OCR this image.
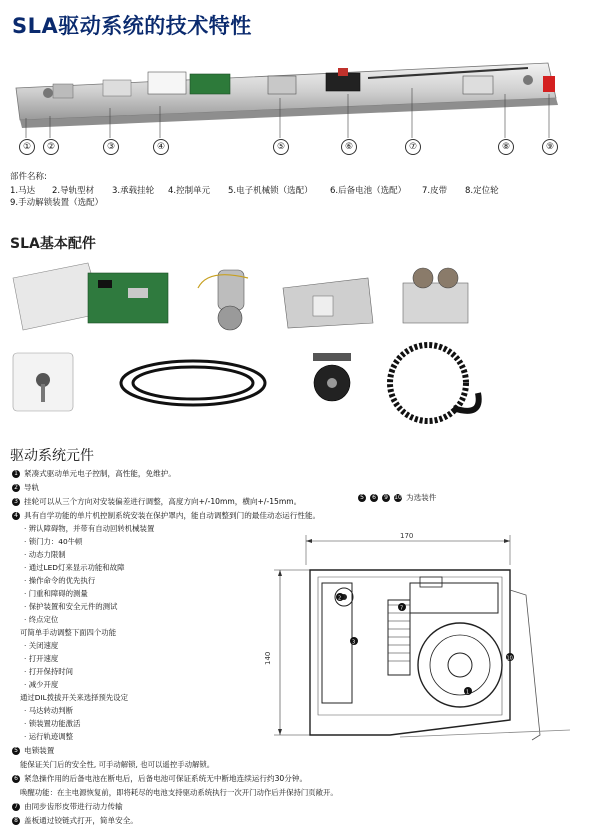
SLA驱动系统的技术特性
①	②	③	④	⑤	⑥	⑦	⑧	⑨
部件名称:
1.马达 2.导轨型材 3.承载挂轮 4.控制单元 5.电子机械锁（选配） 6.后备电池（选配） 7.皮带 8.定位轮
9.手动解锁装置（选配）
SLA基本配件
驱动系统元件
1 紧凑式驱动单元电子控制，高性能，免维护。
2 导轨
3 挂轮可以从三个方向对安装偏差进行调整，高度方向+/-10mm，横向+/-15mm。	5 6 9 10 为选装件
4 具有自学功能的单片机控制系统安装在保护罩内，能自动调整到门的最佳动态运行性能。
· 辨认障碍物，并带有自动回转机械装置
· 锁门力：40牛顿
· 动态力限制
· 通过LED灯来显示功能和故障
· 操作命令的优先执行
· 门重和障碍的测量
· 保护装置和安全元件的测试
· 终点定位
可简单手动调整下面四个功能
· 关闭速度
· 打开速度
· 打开保持时间
· 减少开度
通过DIL拨拔开关来选择预先设定
· 马达转动判断
· 锁装置功能激活
· 运行轨迹调整
5 电锁装置
能保证关门后的安全性, 可手动解锁, 也可以遥控手动解锁。
6 紧急操作用的后备电池在断电后，后备电池可保证系统无中断地连续运行约30分钟。
唤醒功能：在主电源恢复前，即将耗尽的电池支持驱动系统执行一次开门动作后并保持门页敞开。
7 由同步齿形皮带进行动力传输
8 盖板通过铰链式打开，简单安全。
170
140
2
3
7
1
10
